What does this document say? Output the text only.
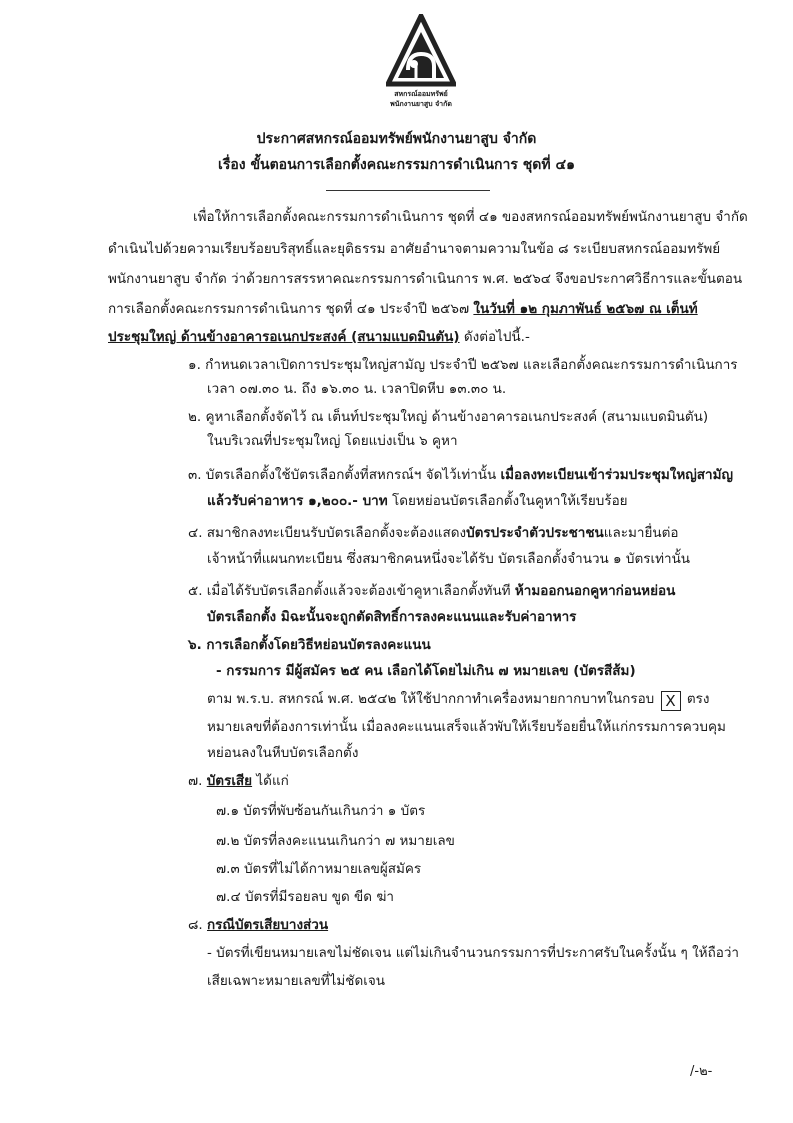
สหกรณ์ออมทรัพย์
พนักงานยาสูบ จำกัด
ประกาศสหกรณ์ออมทรัพย์พนักงานยาสูบ จำกัด
เรื่อง ขั้นตอนการเลือกตั้งคณะกรรมการดำเนินการ ชุดที่ ๔๑
เพื่อให้การเลือกตั้งคณะกรรมการดำเนินการ ชุดที่ ๔๑ ของสหกรณ์ออมทรัพย์พนักงานยาสูบ จำกัด
ดำเนินไปด้วยความเรียบร้อยบริสุทธิ์และยุติธรรม อาศัยอำนาจตามความในข้อ ๘ ระเบียบสหกรณ์ออมทรัพย์
พนักงานยาสูบ จำกัด ว่าด้วยการสรรหาคณะกรรมการดำเนินการ พ.ศ. ๒๕๖๔ จึงขอประกาศวิธีการและขั้นตอน
การเลือกตั้งคณะกรรมการดำเนินการ ชุดที่ ๔๑ ประจำปี ๒๕๖๗ ในวันที่ ๑๒ กุมภาพันธ์ ๒๕๖๗ ณ เต็นท์
ประชุมใหญ่ ด้านข้างอาคารอเนกประสงค์ (สนามแบดมินตัน) ดังต่อไปนี้.-
๑. กำหนดเวลาเปิดการประชุมใหญ่สามัญ ประจำปี ๒๕๖๗ และเลือกตั้งคณะกรรมการดำเนินการ
เวลา ๐๗.๓๐ น. ถึง ๑๖.๓๐ น. เวลาปิดหีบ ๑๓.๓๐ น.
๒. คูหาเลือกตั้งจัดไว้ ณ เต็นท์ประชุมใหญ่ ด้านข้างอาคารอเนกประสงค์ (สนามแบดมินตัน)
ในบริเวณที่ประชุมใหญ่ โดยแบ่งเป็น ๖ คูหา
๓. บัตรเลือกตั้งใช้บัตรเลือกตั้งที่สหกรณ์ฯ จัดไว้เท่านั้น เมื่อลงทะเบียนเข้าร่วมประชุมใหญ่สามัญ
แล้วรับค่าอาหาร ๑,๒๐๐.- บาท โดยหย่อนบัตรเลือกตั้งในคูหาให้เรียบร้อย
๔. สมาชิกลงทะเบียนรับบัตรเลือกตั้งจะต้องแสดงบัตรประจำตัวประชาชนและมายื่นต่อ
เจ้าหน้าที่แผนกทะเบียน ซึ่งสมาชิกคนหนึ่งจะได้รับ บัตรเลือกตั้งจำนวน ๑ บัตรเท่านั้น
๕. เมื่อได้รับบัตรเลือกตั้งแล้วจะต้องเข้าคูหาเลือกตั้งทันที ห้ามออกนอกคูหาก่อนหย่อน
บัตรเลือกตั้ง มิฉะนั้นจะถูกตัดสิทธิ์การลงคะแนนและรับค่าอาหาร
๖. การเลือกตั้งโดยวิธีหย่อนบัตรลงคะแนน
- กรรมการ มีผู้สมัคร ๒๕ คน เลือกได้โดยไม่เกิน ๗ หมายเลข (บัตรสีส้ม)
ตาม พ.ร.บ. สหกรณ์ พ.ศ. ๒๕๔๒ ให้ใช้ปากกาทำเครื่องหมายกากบาทในกรอบ X ตรง
หมายเลขที่ต้องการเท่านั้น เมื่อลงคะแนนเสร็จแล้วพับให้เรียบร้อยยื่นให้แก่กรรมการควบคุม
หย่อนลงในหีบบัตรเลือกตั้ง
๗. บัตรเสีย ได้แก่
๗.๑ บัตรที่พับซ้อนกันเกินกว่า ๑ บัตร
๗.๒ บัตรที่ลงคะแนนเกินกว่า ๗ หมายเลข
๗.๓ บัตรที่ไม่ได้กาหมายเลขผู้สมัคร
๗.๔ บัตรที่มีรอยลบ ขูด ขีด ฆ่า
๘. กรณีบัตรเสียบางส่วน
- บัตรที่เขียนหมายเลขไม่ชัดเจน แต่ไม่เกินจำนวนกรรมการที่ประกาศรับในครั้งนั้น ๆ ให้ถือว่า
เสียเฉพาะหมายเลขที่ไม่ชัดเจน
/-๒-
